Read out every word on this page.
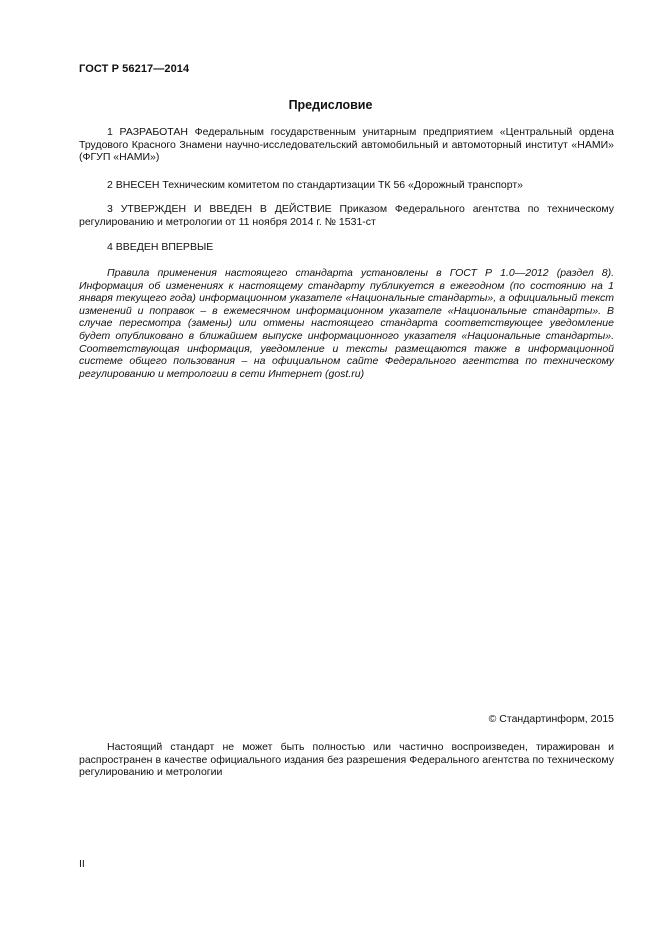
ГОСТ Р 56217—2014
Предисловие

1 РАЗРАБОТАН Федеральным государственным унитарным предприятием «Центральный ордена Трудового Красного Знамени научно-исследовательский автомобильный и автомоторный институт «НАМИ» (ФГУП «НАМИ»)

2 ВНЕСЕН Техническим комитетом по стандартизации ТК 56 «Дорожный транспорт»

3 УТВЕРЖДЕН И ВВЕДЕН В ДЕЙСТВИЕ Приказом Федерального агентства по техническому регулированию и метрологии от 11 ноября 2014 г. № 1531-ст

4 ВВЕДЕН ВПЕРВЫЕ

Правила применения настоящего стандарта установлены в ГОСТ Р 1.0—2012 (раздел 8). Информация об изменениях к настоящему стандарту публикуется в ежегодном (по состоянию на 1 января текущего года) информационном указателе «Национальные стандарты», а официальный текст изменений и поправок – в ежемесячном информационном указателе «Национальные стандарты». В случае пересмотра (замены) или отмены настоящего стандарта соответствующее уведомление будет опубликовано в ближайшем выпуске информационного указателя «Национальные стандарты». Соответствующая информация, уведомление и тексты размещаются также в информационной системе общего пользования – на официальном сайте Федерального агентства по техническому регулированию и метрологии в сети Интернет (gost.ru)

© Стандартинформ, 2015

Настоящий стандарт не может быть полностью или частично воспроизведен, тиражирован и распространен в качестве официального издания без разрешения Федерального агентства по техническому регулированию и метрологии

II
